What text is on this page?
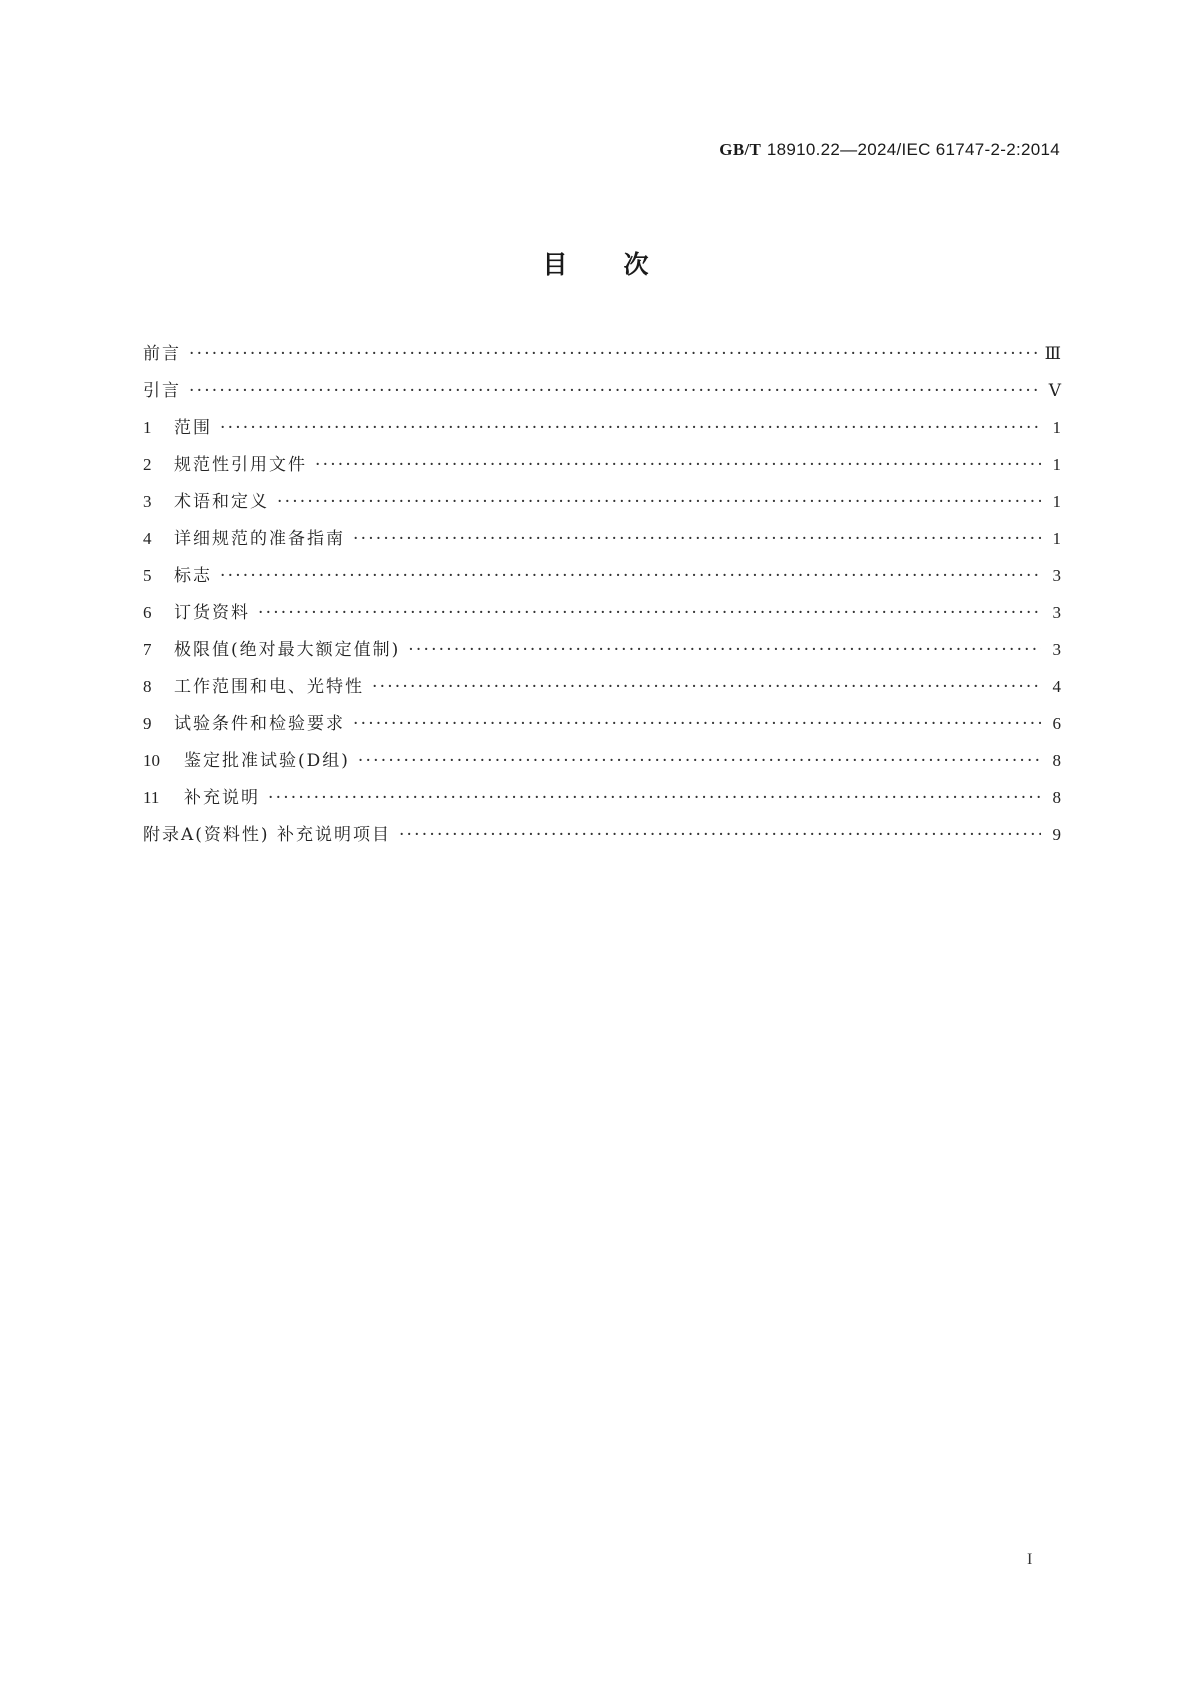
GB/T 18910.22—2024/IEC 61747-2-2:2014
目次
前言 ·····	Ⅲ
引言 ·····	Ⅴ
1	范围 ·····	1
2	规范性引用文件 ·····	1
3	术语和定义 ·····	1
4	详细规范的准备指南 ·····	1
5	标志 ·····	3
6	订货资料 ·····	3
7	极限值(绝对最大额定值制) ·····	3
8	工作范围和电、光特性 ·····	4
9	试验条件和检验要求 ·····	6
10	鉴定批准试验(D组) ·····	8
11	补充说明 ·····	8
附录A(资料性) 补充说明项目 ·····	9
I
